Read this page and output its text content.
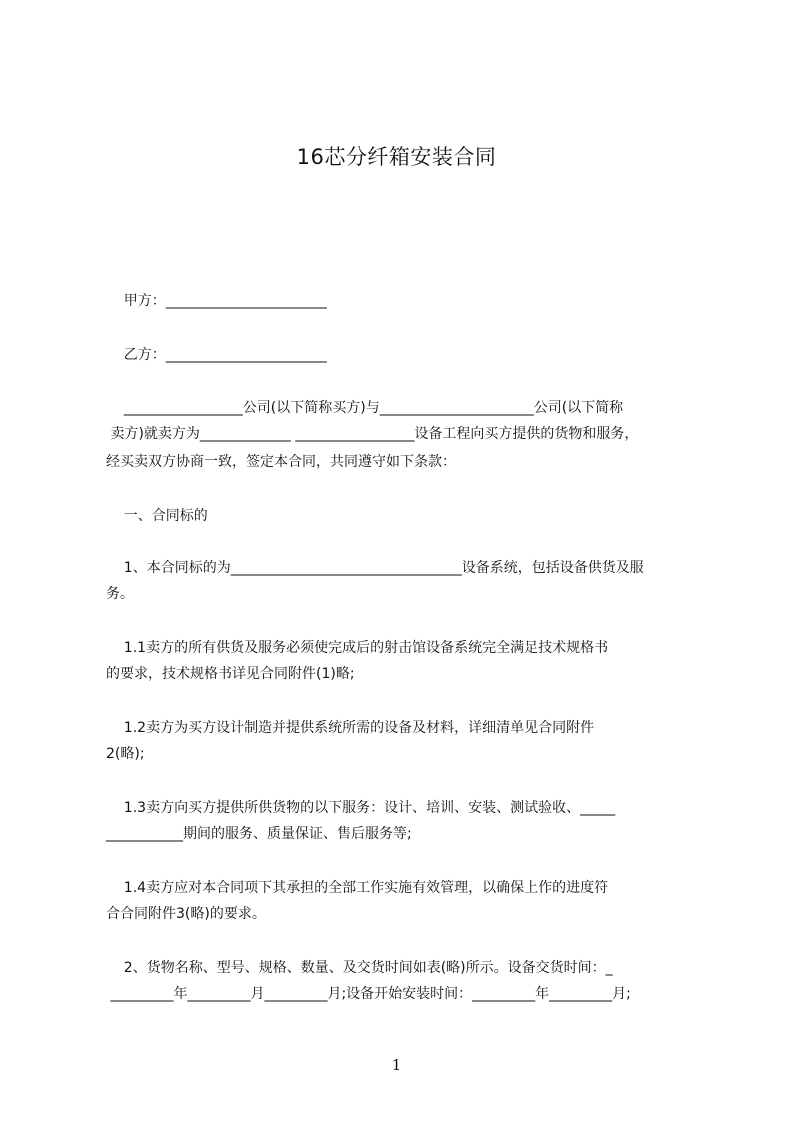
16芯分纤箱安装合同
甲方：_______________________
乙方：_______________________
_________________公司(以下简称买方)与______________________公司(以下简称
卖方)就卖方为_____________ _________________设备工程向买方提供的货物和服务，
经买卖双方协商一致，签定本合同，共同遵守如下条款：
一、合同标的
1、本合同标的为_________________________________设备系统，包括设备供货及服
务。
1.1卖方的所有供货及服务必须使完成后的射击馆设备系统完全满足技术规格书
的要求，技术规格书详见合同附件(1)略;
1.2卖方为买方设计制造并提供系统所需的设备及材料，详细清单见合同附件
2(略);
1.3卖方向买方提供所供货物的以下服务：设计、培训、安装、测试验收、_____
___________期间的服务、质量保证、售后服务等;
1.4卖方应对本合同项下其承担的全部工作实施有效管理，以确保上作的进度符
合合同附件3(略)的要求。
2、货物名称、型号、规格、数量、及交货时间如表(略)所示。设备交货时间：_
_________年_________月_________月;设备开始安装时间：_________年_________月;
1
